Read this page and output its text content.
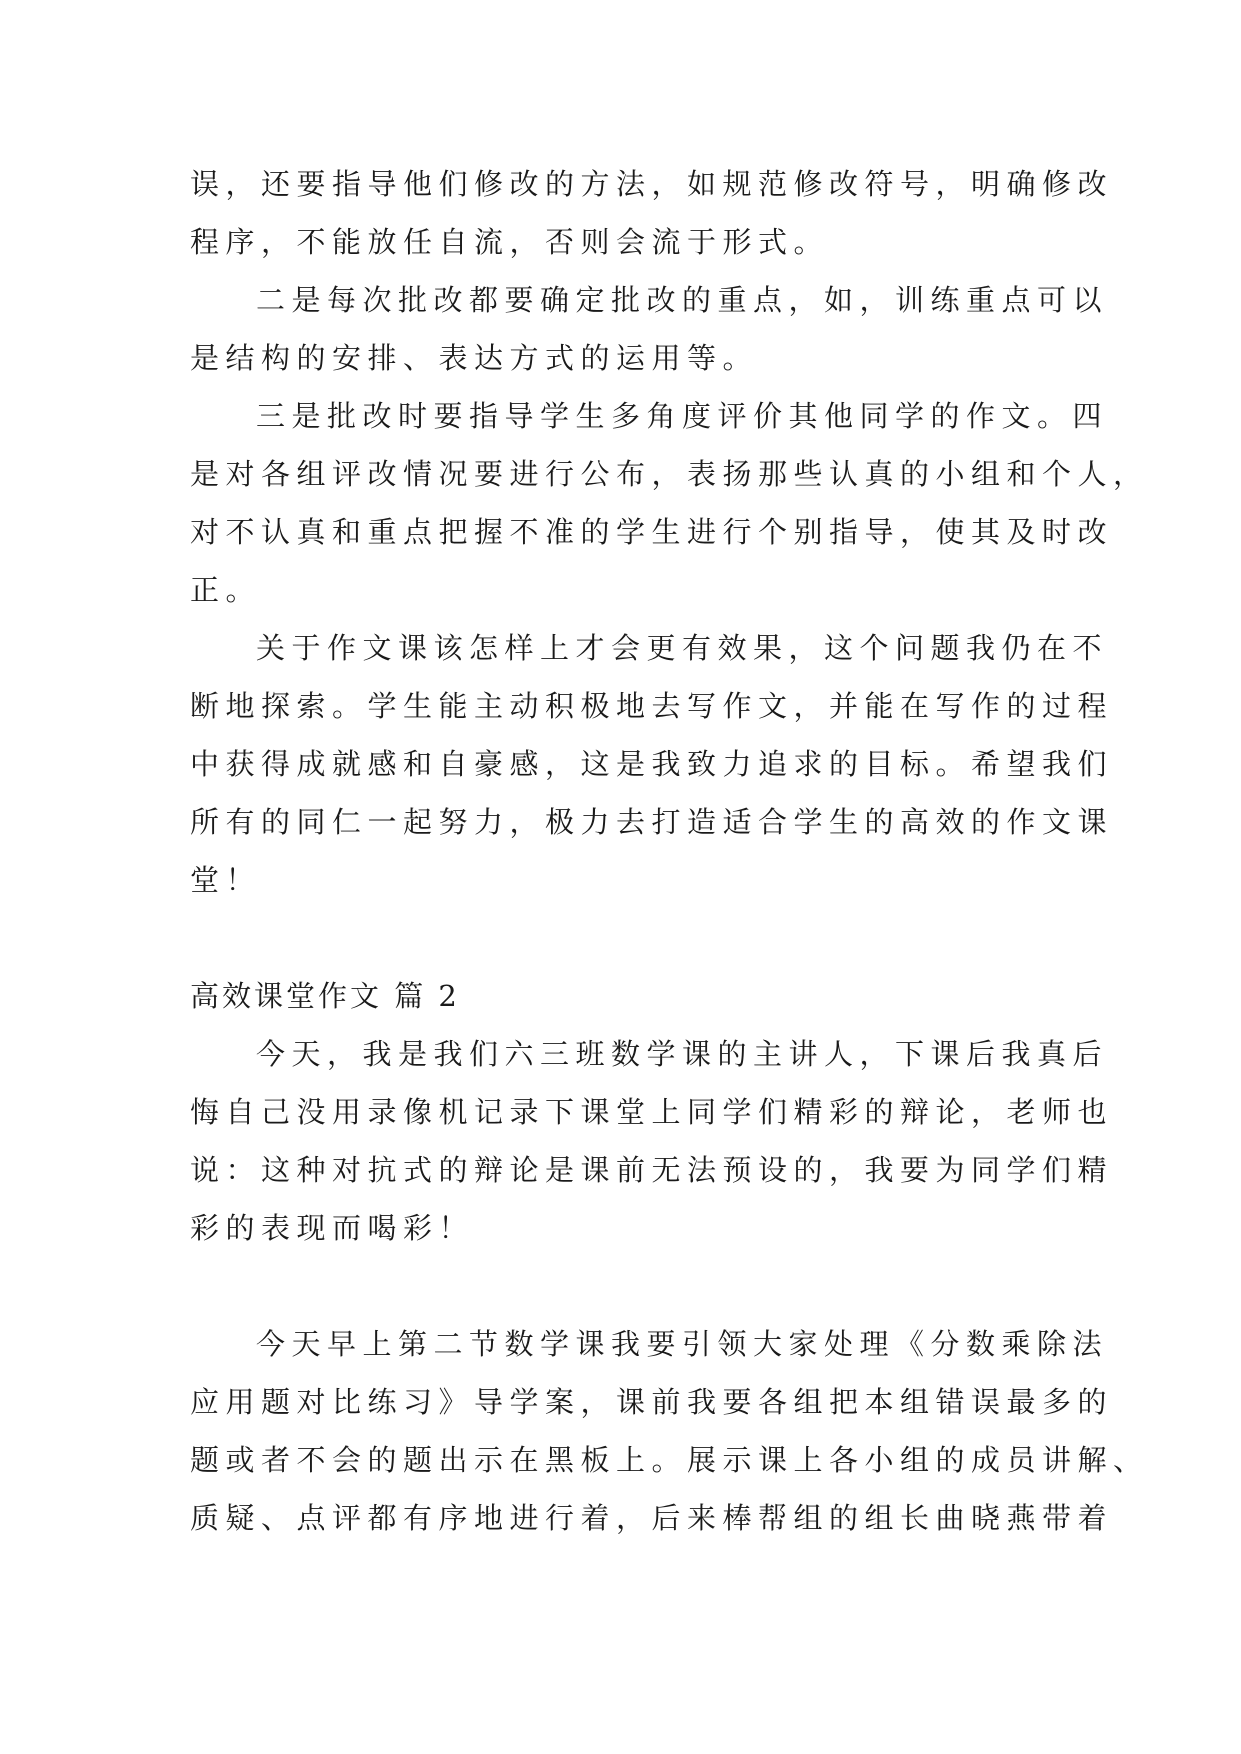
误，还要指导他们修改的方法，如规范修改符号，明确修改
程序，不能放任自流，否则会流于形式。
二是每次批改都要确定批改的重点，如，训练重点可以
是结构的安排、表达方式的运用等。
三是批改时要指导学生多角度评价其他同学的作文。四
是对各组评改情况要进行公布，表扬那些认真的小组和个人，
对不认真和重点把握不准的学生进行个别指导，使其及时改
正。
关于作文课该怎样上才会更有效果，这个问题我仍在不
断地探索。学生能主动积极地去写作文，并能在写作的过程
中获得成就感和自豪感，这是我致力追求的目标。希望我们
所有的同仁一起努力，极力去打造适合学生的高效的作文课
堂！
高效课堂作文 篇 2
今天，我是我们六三班数学课的主讲人，下课后我真后
悔自己没用录像机记录下课堂上同学们精彩的辩论，老师也
说：这种对抗式的辩论是课前无法预设的，我要为同学们精
彩的表现而喝彩！
今天早上第二节数学课我要引领大家处理《分数乘除法
应用题对比练习》导学案，课前我要各组把本组错误最多的
题或者不会的题出示在黑板上。展示课上各小组的成员讲解、
质疑、点评都有序地进行着，后来棒帮组的组长曲晓燕带着
